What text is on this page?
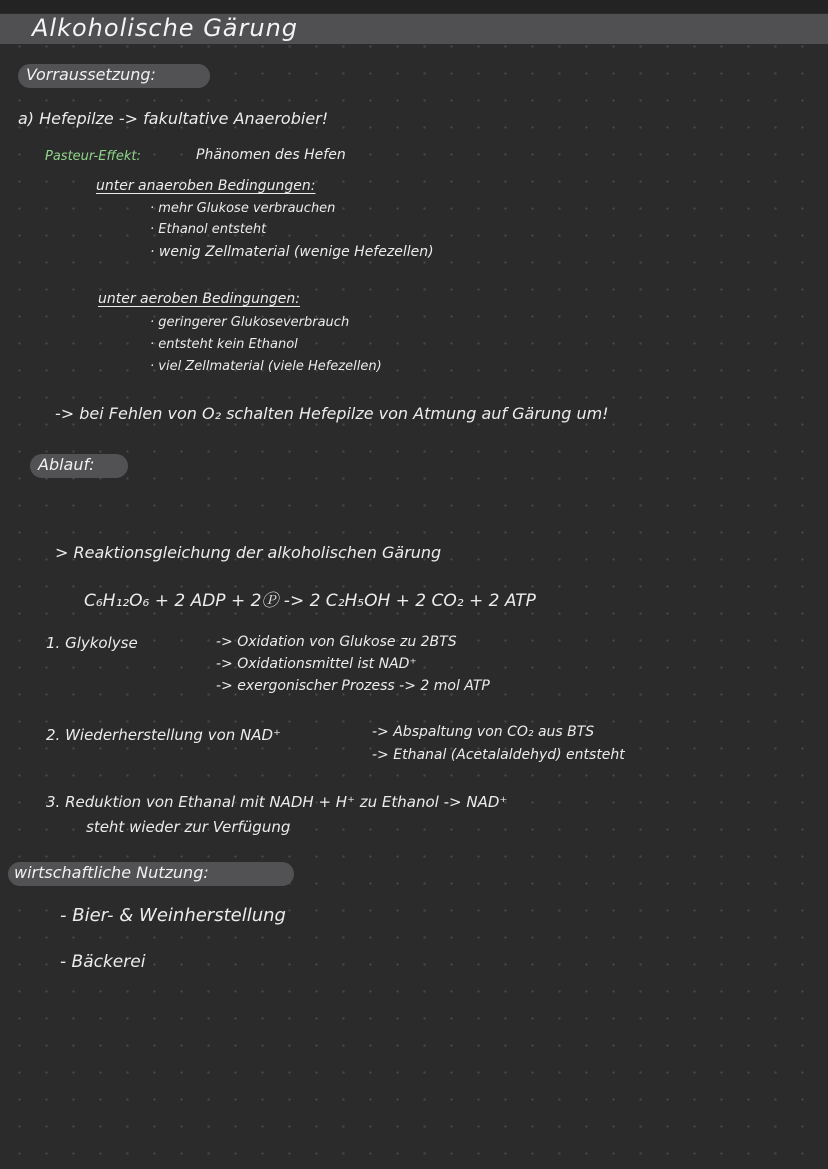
Alkoholische Gärung
Vorraussetzung:
a) Hefepilze -> fakultative Anaerobier!
Pasteur-Effekt:	Phänomen des Hefen
unter anaeroben Bedingungen:
· mehr Glukose verbrauchen
· Ethanol entsteht
· wenig Zellmaterial (wenige Hefezellen)
unter aeroben Bedingungen:
· geringerer Glukoseverbrauch
· entsteht kein Ethanol
· viel Zellmaterial (viele Hefezellen)
-> bei Fehlen von O₂ schalten Hefepilze von Atmung auf Gärung um!
Ablauf:
> Reaktionsgleichung der alkoholischen Gärung
C₆H₁₂O₆ + 2 ADP + 2Ⓟ -> 2 C₂H₅OH + 2 CO₂ + 2 ATP
1. Glykolyse	-> Oxidation von Glukose zu 2BTS
-> Oxidationsmittel ist NAD⁺
-> exergonischer Prozess -> 2 mol ATP
2. Wiederherstellung von NAD⁺	-> Abspaltung von CO₂ aus BTS
-> Ethanal (Acetalaldehyd) entsteht
3. Reduktion von Ethanal mit NADH + H⁺ zu Ethanol -> NAD⁺
steht wieder zur Verfügung
wirtschaftliche Nutzung:
- Bier- & Weinherstellung
- Bäckerei
